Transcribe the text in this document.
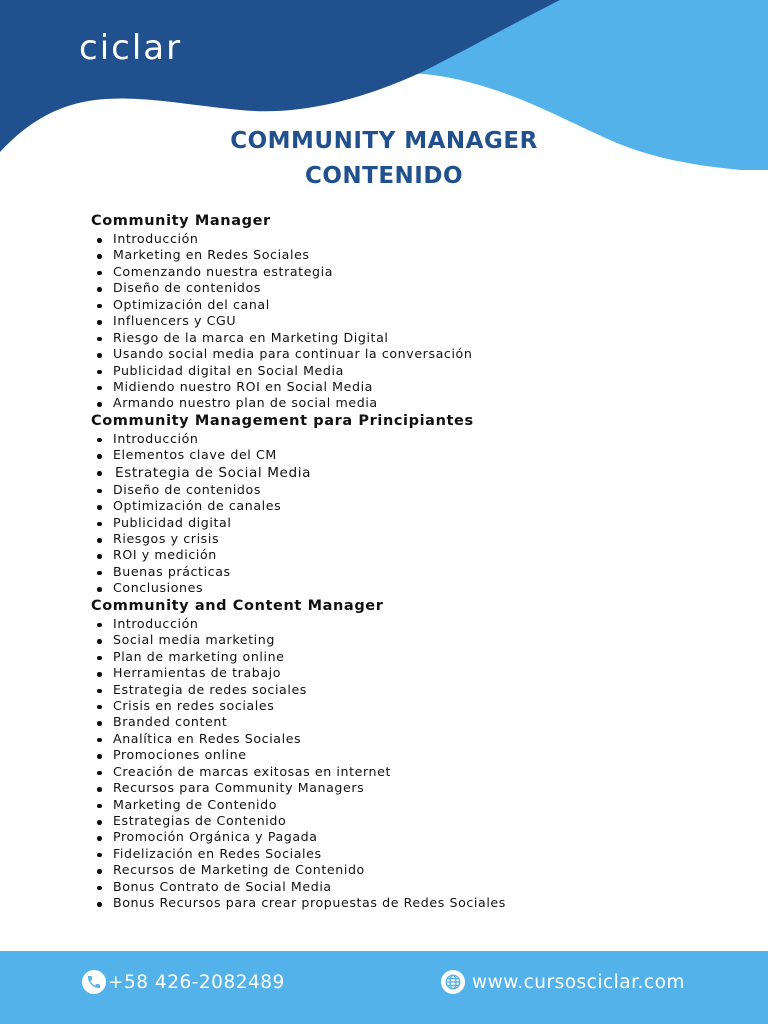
ciclar
COMMUNITY MANAGER
CONTENIDO
Community Manager
Introducción
Marketing en Redes Sociales
Comenzando nuestra estrategia
Diseño de contenidos
Optimización del canal
Influencers y CGU
Riesgo de la marca en Marketing Digital
Usando social media para continuar la conversación
Publicidad digital en Social Media
Midiendo nuestro ROI en Social Media
Armando nuestro plan de social media
Community Management para Principiantes
Introducción
Elementos clave del CM
Estrategia de Social Media
Diseño de contenidos
Optimización de canales
Publicidad digital
Riesgos y crisis
ROI y medición
Buenas prácticas
Conclusiones
Community and Content Manager
Introducción
Social media marketing
Plan de marketing online
Herramientas de trabajo
Estrategia de redes sociales
Crisis en redes sociales
Branded content
Analítica en Redes Sociales
Promociones online
Creación de marcas exitosas en internet
Recursos para Community Managers
Marketing de Contenido
Estrategias de Contenido
Promoción Orgánica y Pagada
Fidelización en Redes Sociales
Recursos de Marketing de Contenido
Bonus Contrato de Social Media
Bonus Recursos para crear propuestas de Redes Sociales
+58 426-2082489	www.cursosciclar.com
